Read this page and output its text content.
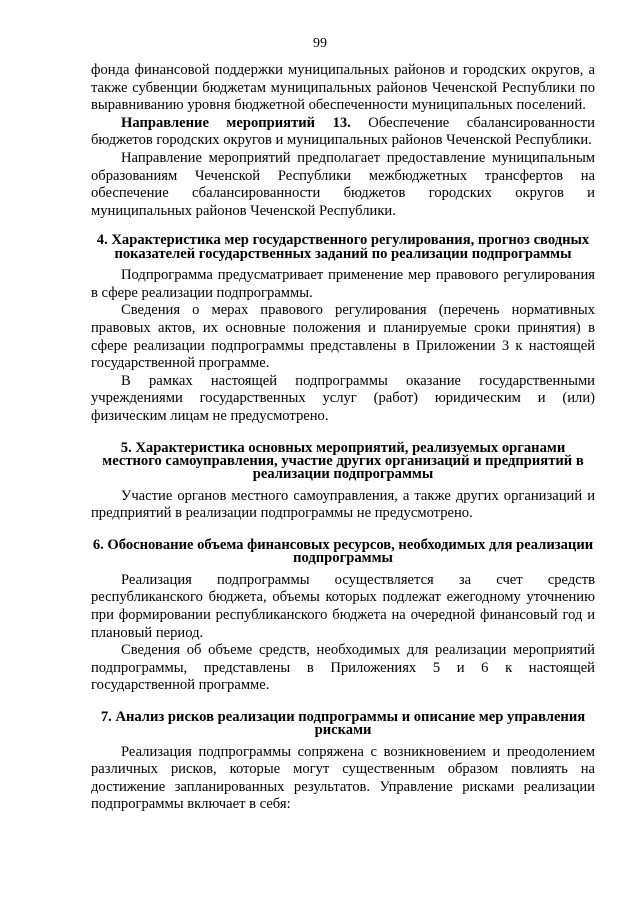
99

фонда финансовой поддержки муниципальных районов и городских округов, а также субвенции бюджетам муниципальных районов Чеченской Республики по выравниванию уровня бюджетной обеспеченности муниципальных поселений.

Направление мероприятий 13. Обеспечение сбалансированности бюджетов городских округов и муниципальных районов Чеченской Республики.

Направление мероприятий предполагает предоставление муниципальным образованиям Чеченской Республики межбюджетных трансфертов на обеспечение сбалансированности бюджетов городских округов и муниципальных районов Чеченской Республики.

4. Характеристика мер государственного регулирования, прогноз сводных показателей государственных заданий по реализации подпрограммы

Подпрограмма предусматривает применение мер правового регулирования в сфере реализации подпрограммы.

Сведения о мерах правового регулирования (перечень нормативных правовых актов, их основные положения и планируемые сроки принятия) в сфере реализации подпрограммы представлены в Приложении 3 к настоящей государственной программе.

В рамках настоящей подпрограммы оказание государственными учреждениями государственных услуг (работ) юридическим и (или) физическим лицам не предусмотрено.

5. Характеристика основных мероприятий, реализуемых органами местного самоуправления, участие других организаций и предприятий в реализации подпрограммы

Участие органов местного самоуправления, а также других организаций и предприятий в реализации подпрограммы не предусмотрено.

6. Обоснование объема финансовых ресурсов, необходимых для реализации подпрограммы

Реализация подпрограммы осуществляется за счет средств республиканского бюджета, объемы которых подлежат ежегодному уточнению при формировании республиканского бюджета на очередной финансовый год и плановый период.

Сведения об объеме средств, необходимых для реализации мероприятий подпрограммы, представлены в Приложениях 5 и 6 к настоящей государственной программе.

7. Анализ рисков реализации подпрограммы и описание мер управления рисками

Реализация подпрограммы сопряжена с возникновением и преодолением различных рисков, которые могут существенным образом повлиять на достижение запланированных результатов. Управление рисками реализации подпрограммы включает в себя:
